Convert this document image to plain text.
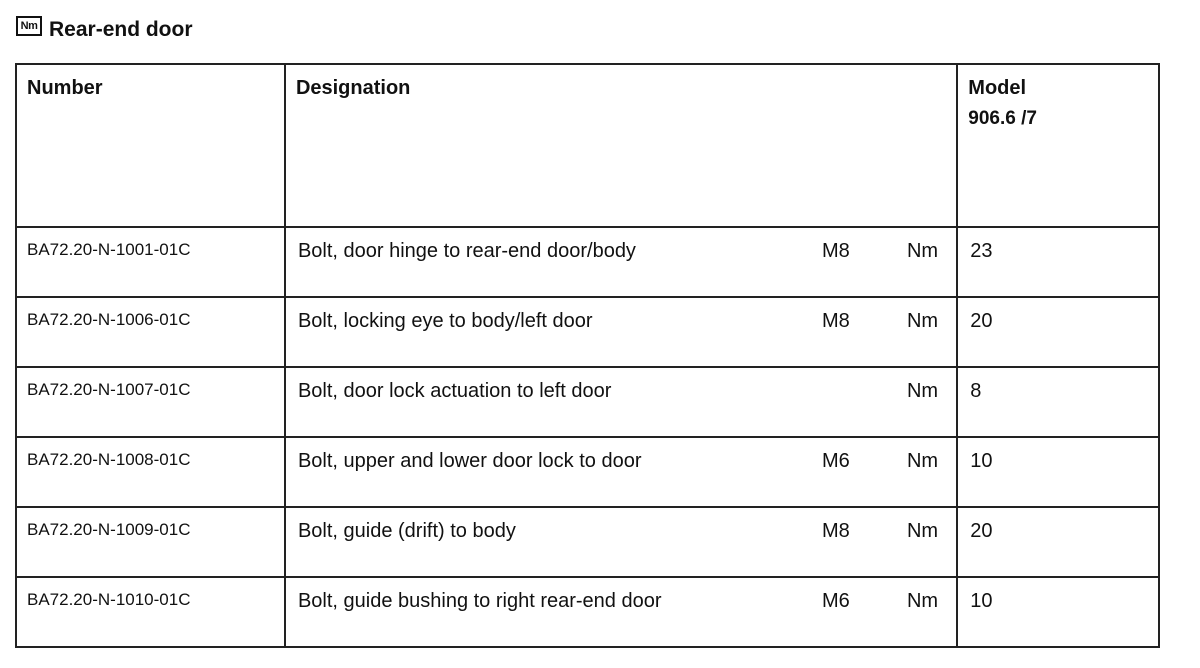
Nm Rear-end door
Number	Designation	Model
906.6 /7

BA72.20-N-1001-01C	Bolt, door hinge to rear-end door/body M8 Nm	23

BA72.20-N-1006-01C	Bolt, locking eye to body/left door M8 Nm	20

BA72.20-N-1007-01C	Bolt, door lock actuation to left door Nm	8

BA72.20-N-1008-01C	Bolt, upper and lower door lock to door M6 Nm	10

BA72.20-N-1009-01C	Bolt, guide (drift) to body M8 Nm	20

BA72.20-N-1010-01C	Bolt, guide bushing to right rear-end door M6 Nm	10
